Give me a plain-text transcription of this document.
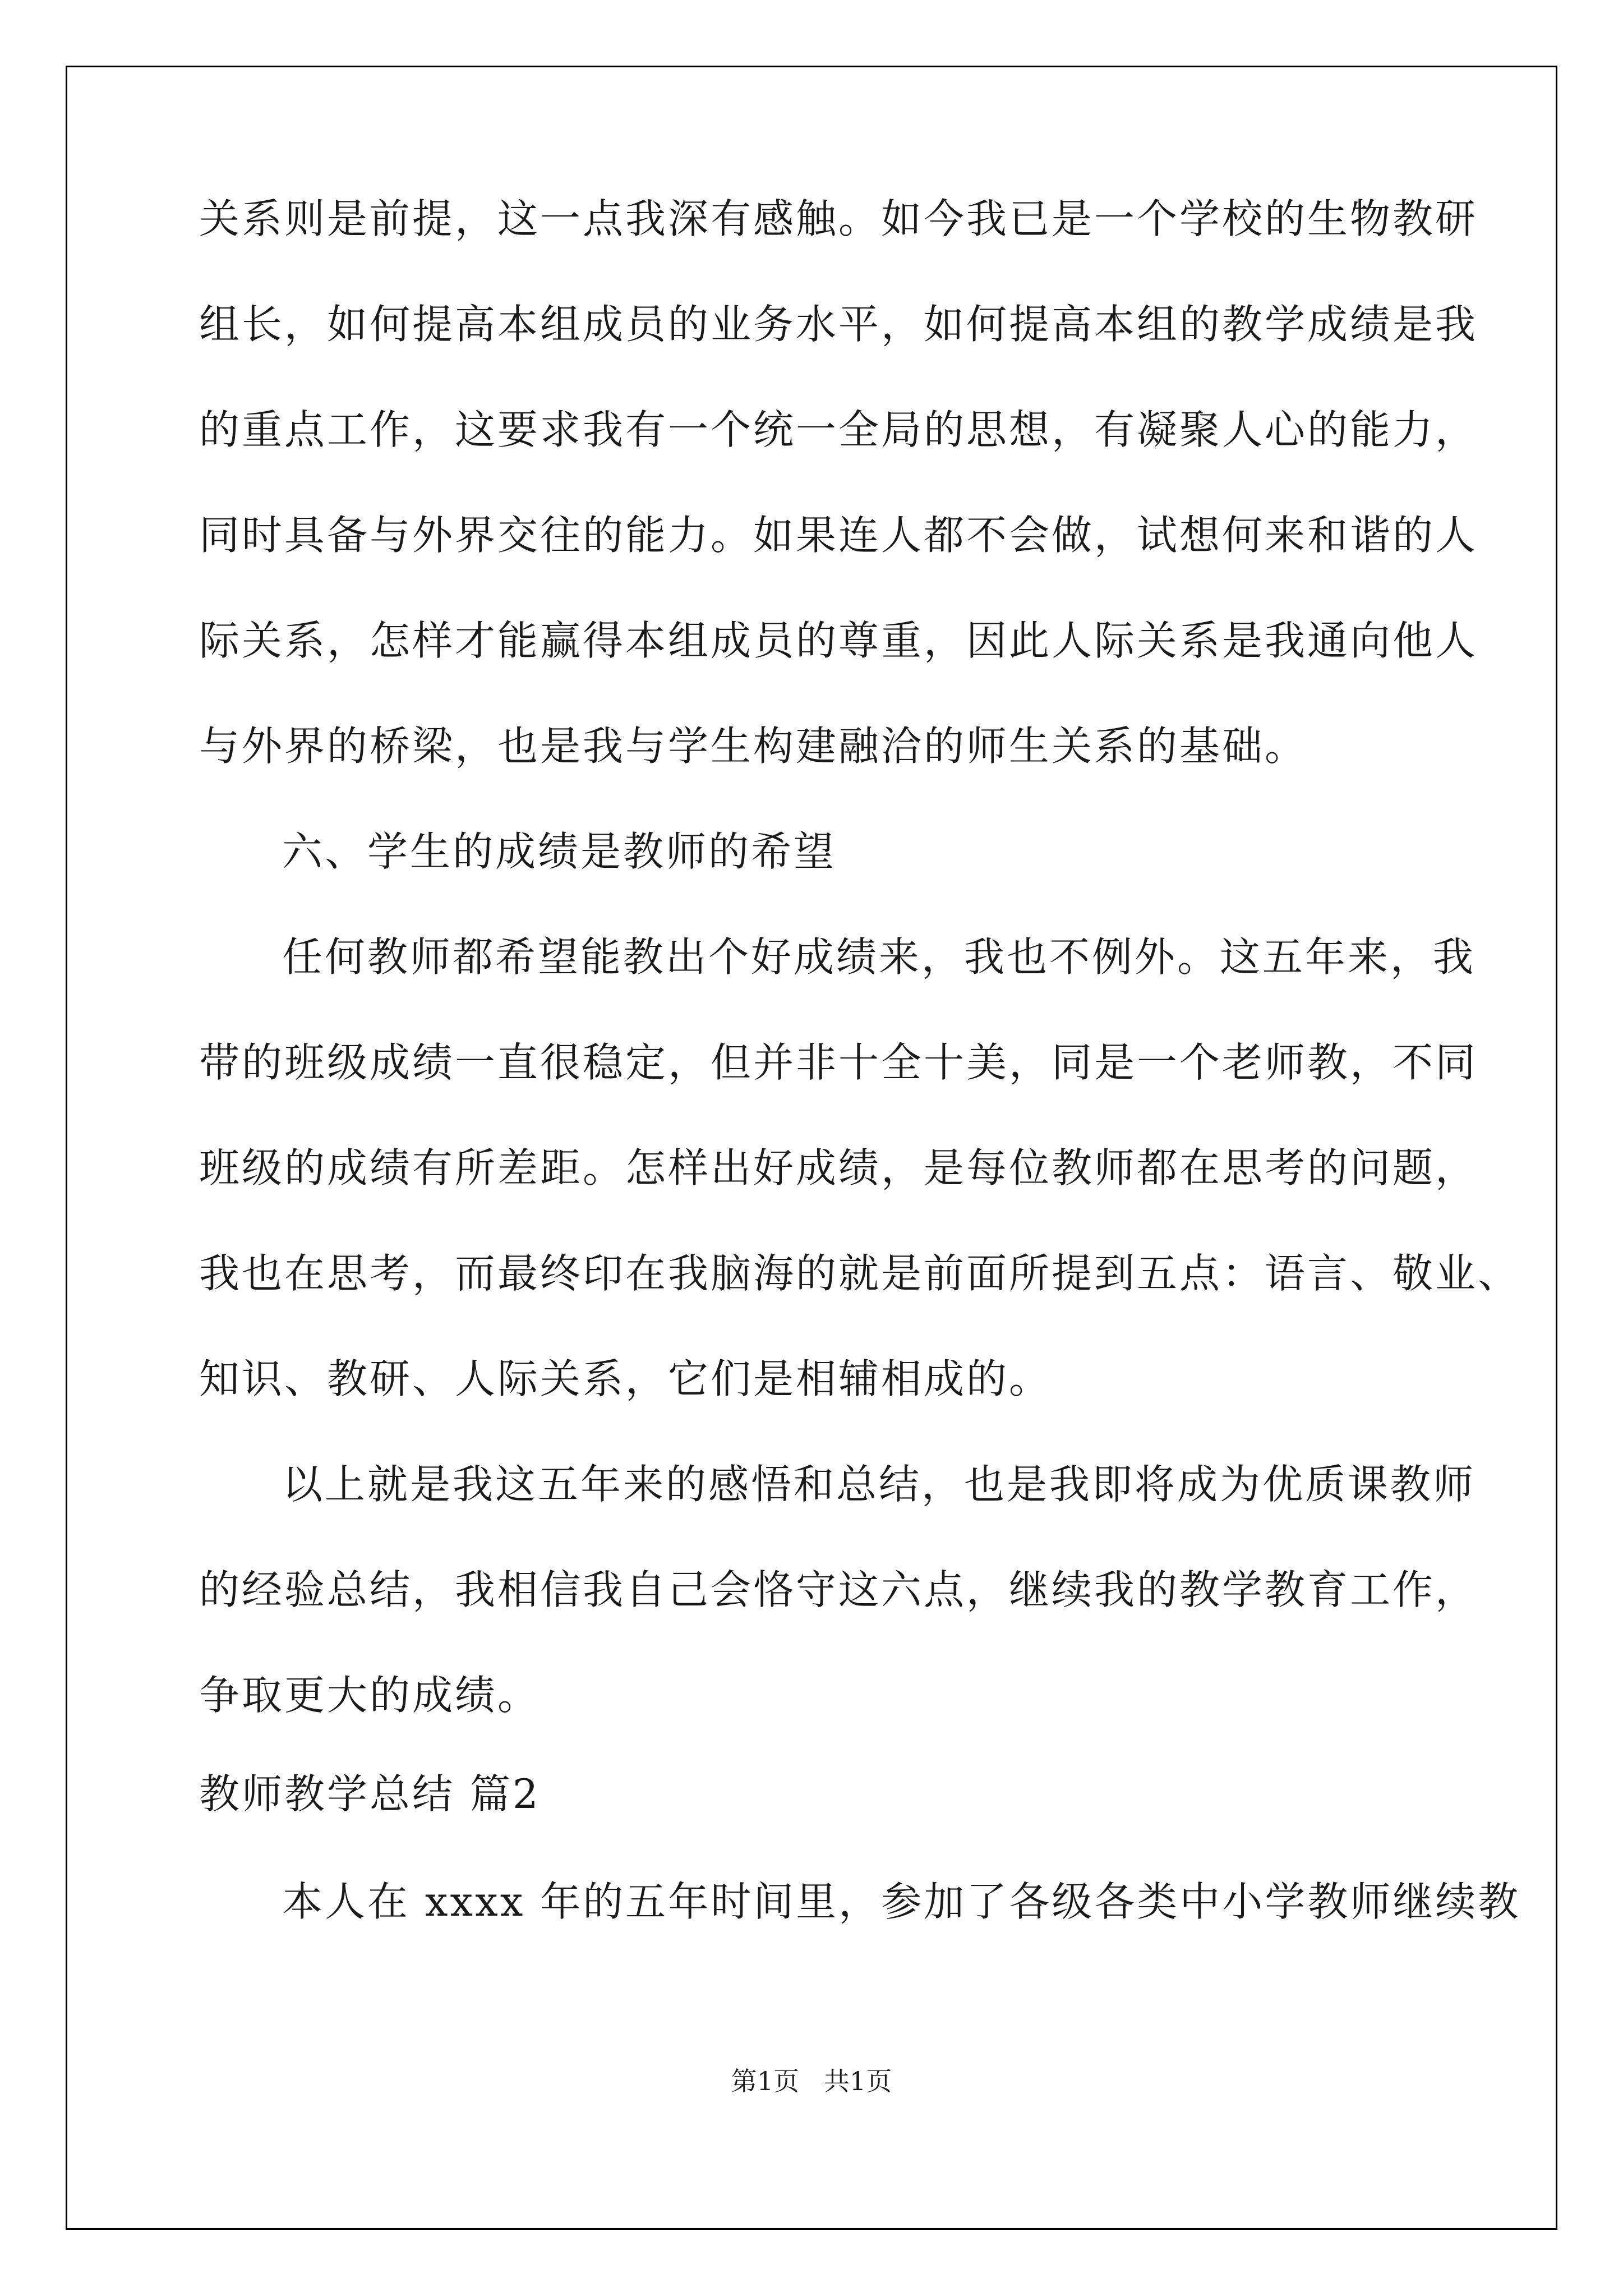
关系则是前提，这一点我深有感触。如今我已是一个学校的生物教研
组长，如何提高本组成员的业务水平，如何提高本组的教学成绩是我
的重点工作，这要求我有一个统一全局的思想，有凝聚人心的能力，
同时具备与外界交往的能力。如果连人都不会做，试想何来和谐的人
际关系，怎样才能赢得本组成员的尊重，因此人际关系是我通向他人
与外界的桥梁，也是我与学生构建融洽的师生关系的基础。
六、学生的成绩是教师的希望
任何教师都希望能教出个好成绩来，我也不例外。这五年来，我
带的班级成绩一直很稳定，但并非十全十美，同是一个老师教，不同
班级的成绩有所差距。怎样出好成绩，是每位教师都在思考的问题，
我也在思考，而最终印在我脑海的就是前面所提到五点：语言、敬业、
知识、教研、人际关系，它们是相辅相成的。
以上就是我这五年来的感悟和总结，也是我即将成为优质课教师
的经验总结，我相信我自己会恪守这六点，继续我的教学教育工作，
争取更大的成绩。
教师教学总结 篇2
本人在 xxxx 年的五年时间里，参加了各级各类中小学教师继续教
第1页   共1页
